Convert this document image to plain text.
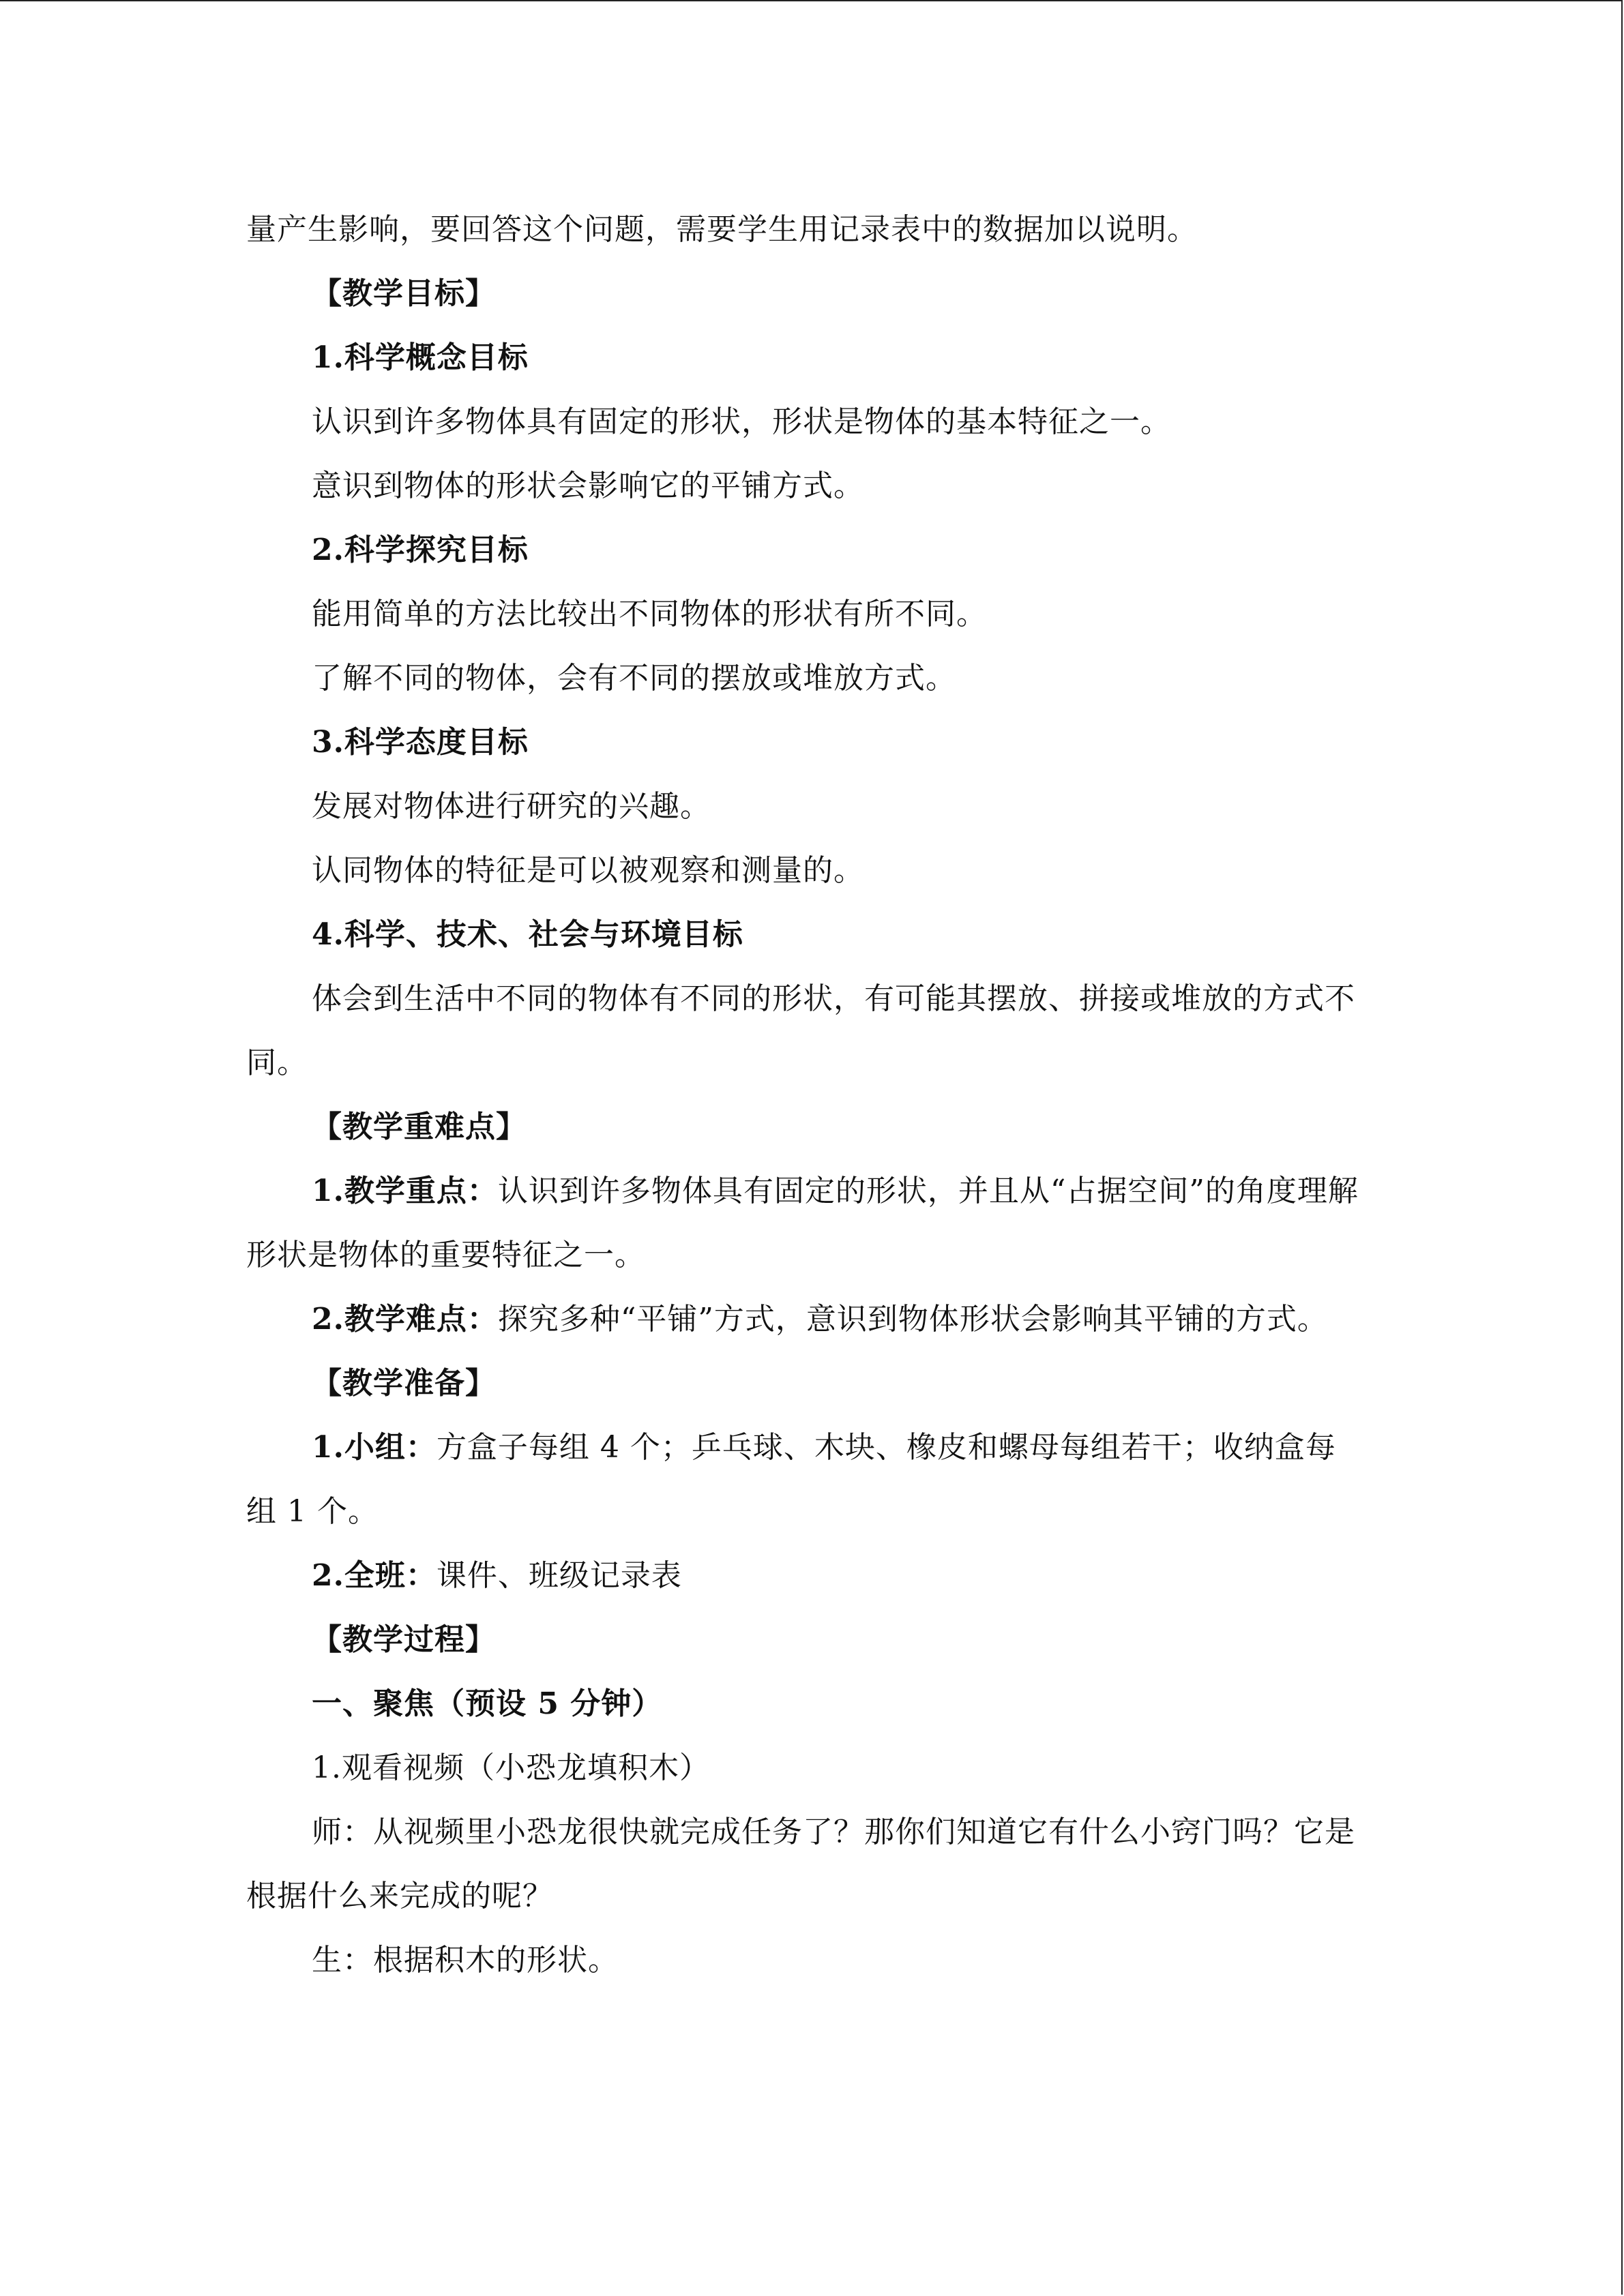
量产生影响，要回答这个问题，需要学生用记录表中的数据加以说明。

【教学目标】

1.科学概念目标

认识到许多物体具有固定的形状，形状是物体的基本特征之一。

意识到物体的形状会影响它的平铺方式。

2.科学探究目标

能用简单的方法比较出不同物体的形状有所不同。

了解不同的物体，会有不同的摆放或堆放方式。

3.科学态度目标

发展对物体进行研究的兴趣。

认同物体的特征是可以被观察和测量的。

4.科学、技术、社会与环境目标

体会到生活中不同的物体有不同的形状，有可能其摆放、拼接或堆放的方式不同。

【教学重难点】

1.教学重点：认识到许多物体具有固定的形状，并且从“占据空间”的角度理解形状是物体的重要特征之一。

2.教学难点：探究多种“平铺”方式，意识到物体形状会影响其平铺的方式。

【教学准备】

1.小组：方盒子每组 4 个；乒乓球、木块、橡皮和螺母每组若干；收纳盒每组 1 个。

2.全班：课件、班级记录表

【教学过程】

一、聚焦（预设 5 分钟）

1.观看视频（小恐龙填积木）

师：从视频里小恐龙很快就完成任务了？那你们知道它有什么小窍门吗？它是根据什么来完成的呢？

生：根据积木的形状。
